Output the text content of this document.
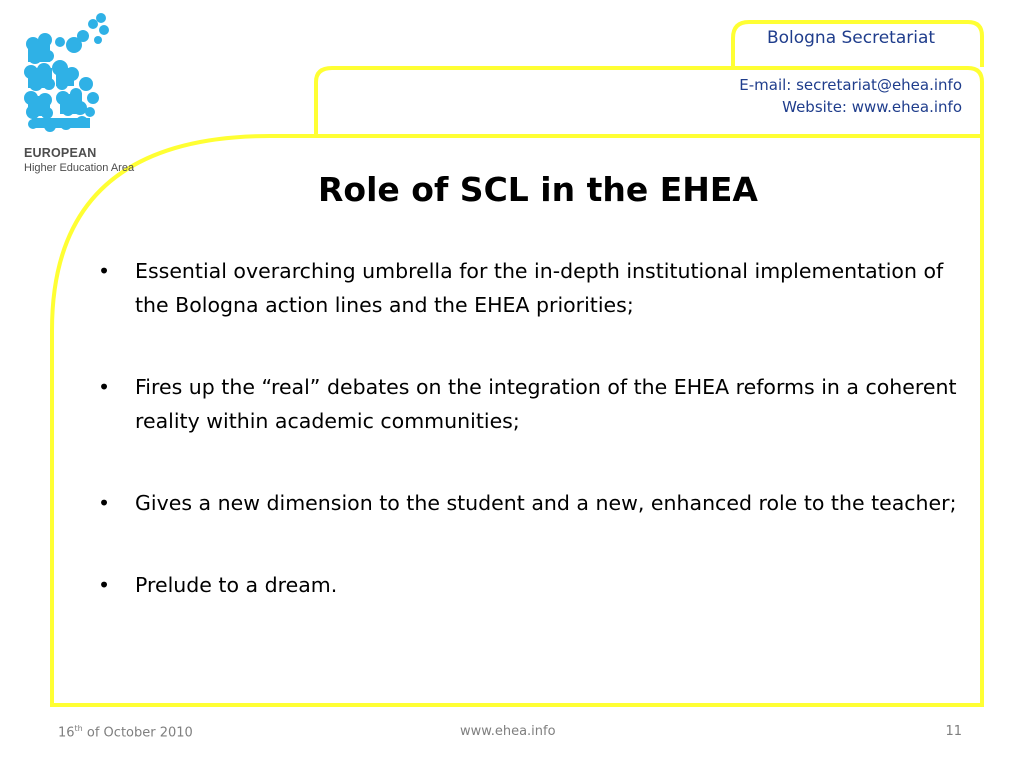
EUROPEAN
Higher Education Area
Bologna Secretariat
E-mail: secretariat@ehea.info
Website: www.ehea.info
Role of SCL in the EHEA
• Essential overarching umbrella for the in-depth institutional implementation of the Bologna action lines and the EHEA priorities;
• Fires up the “real” debates on the integration of the EHEA reforms in a coherent reality within academic communities;
• Gives a new dimension to the student and a new, enhanced role to the teacher;
• Prelude to a dream.
16th of October 2010	www.ehea.info	11
